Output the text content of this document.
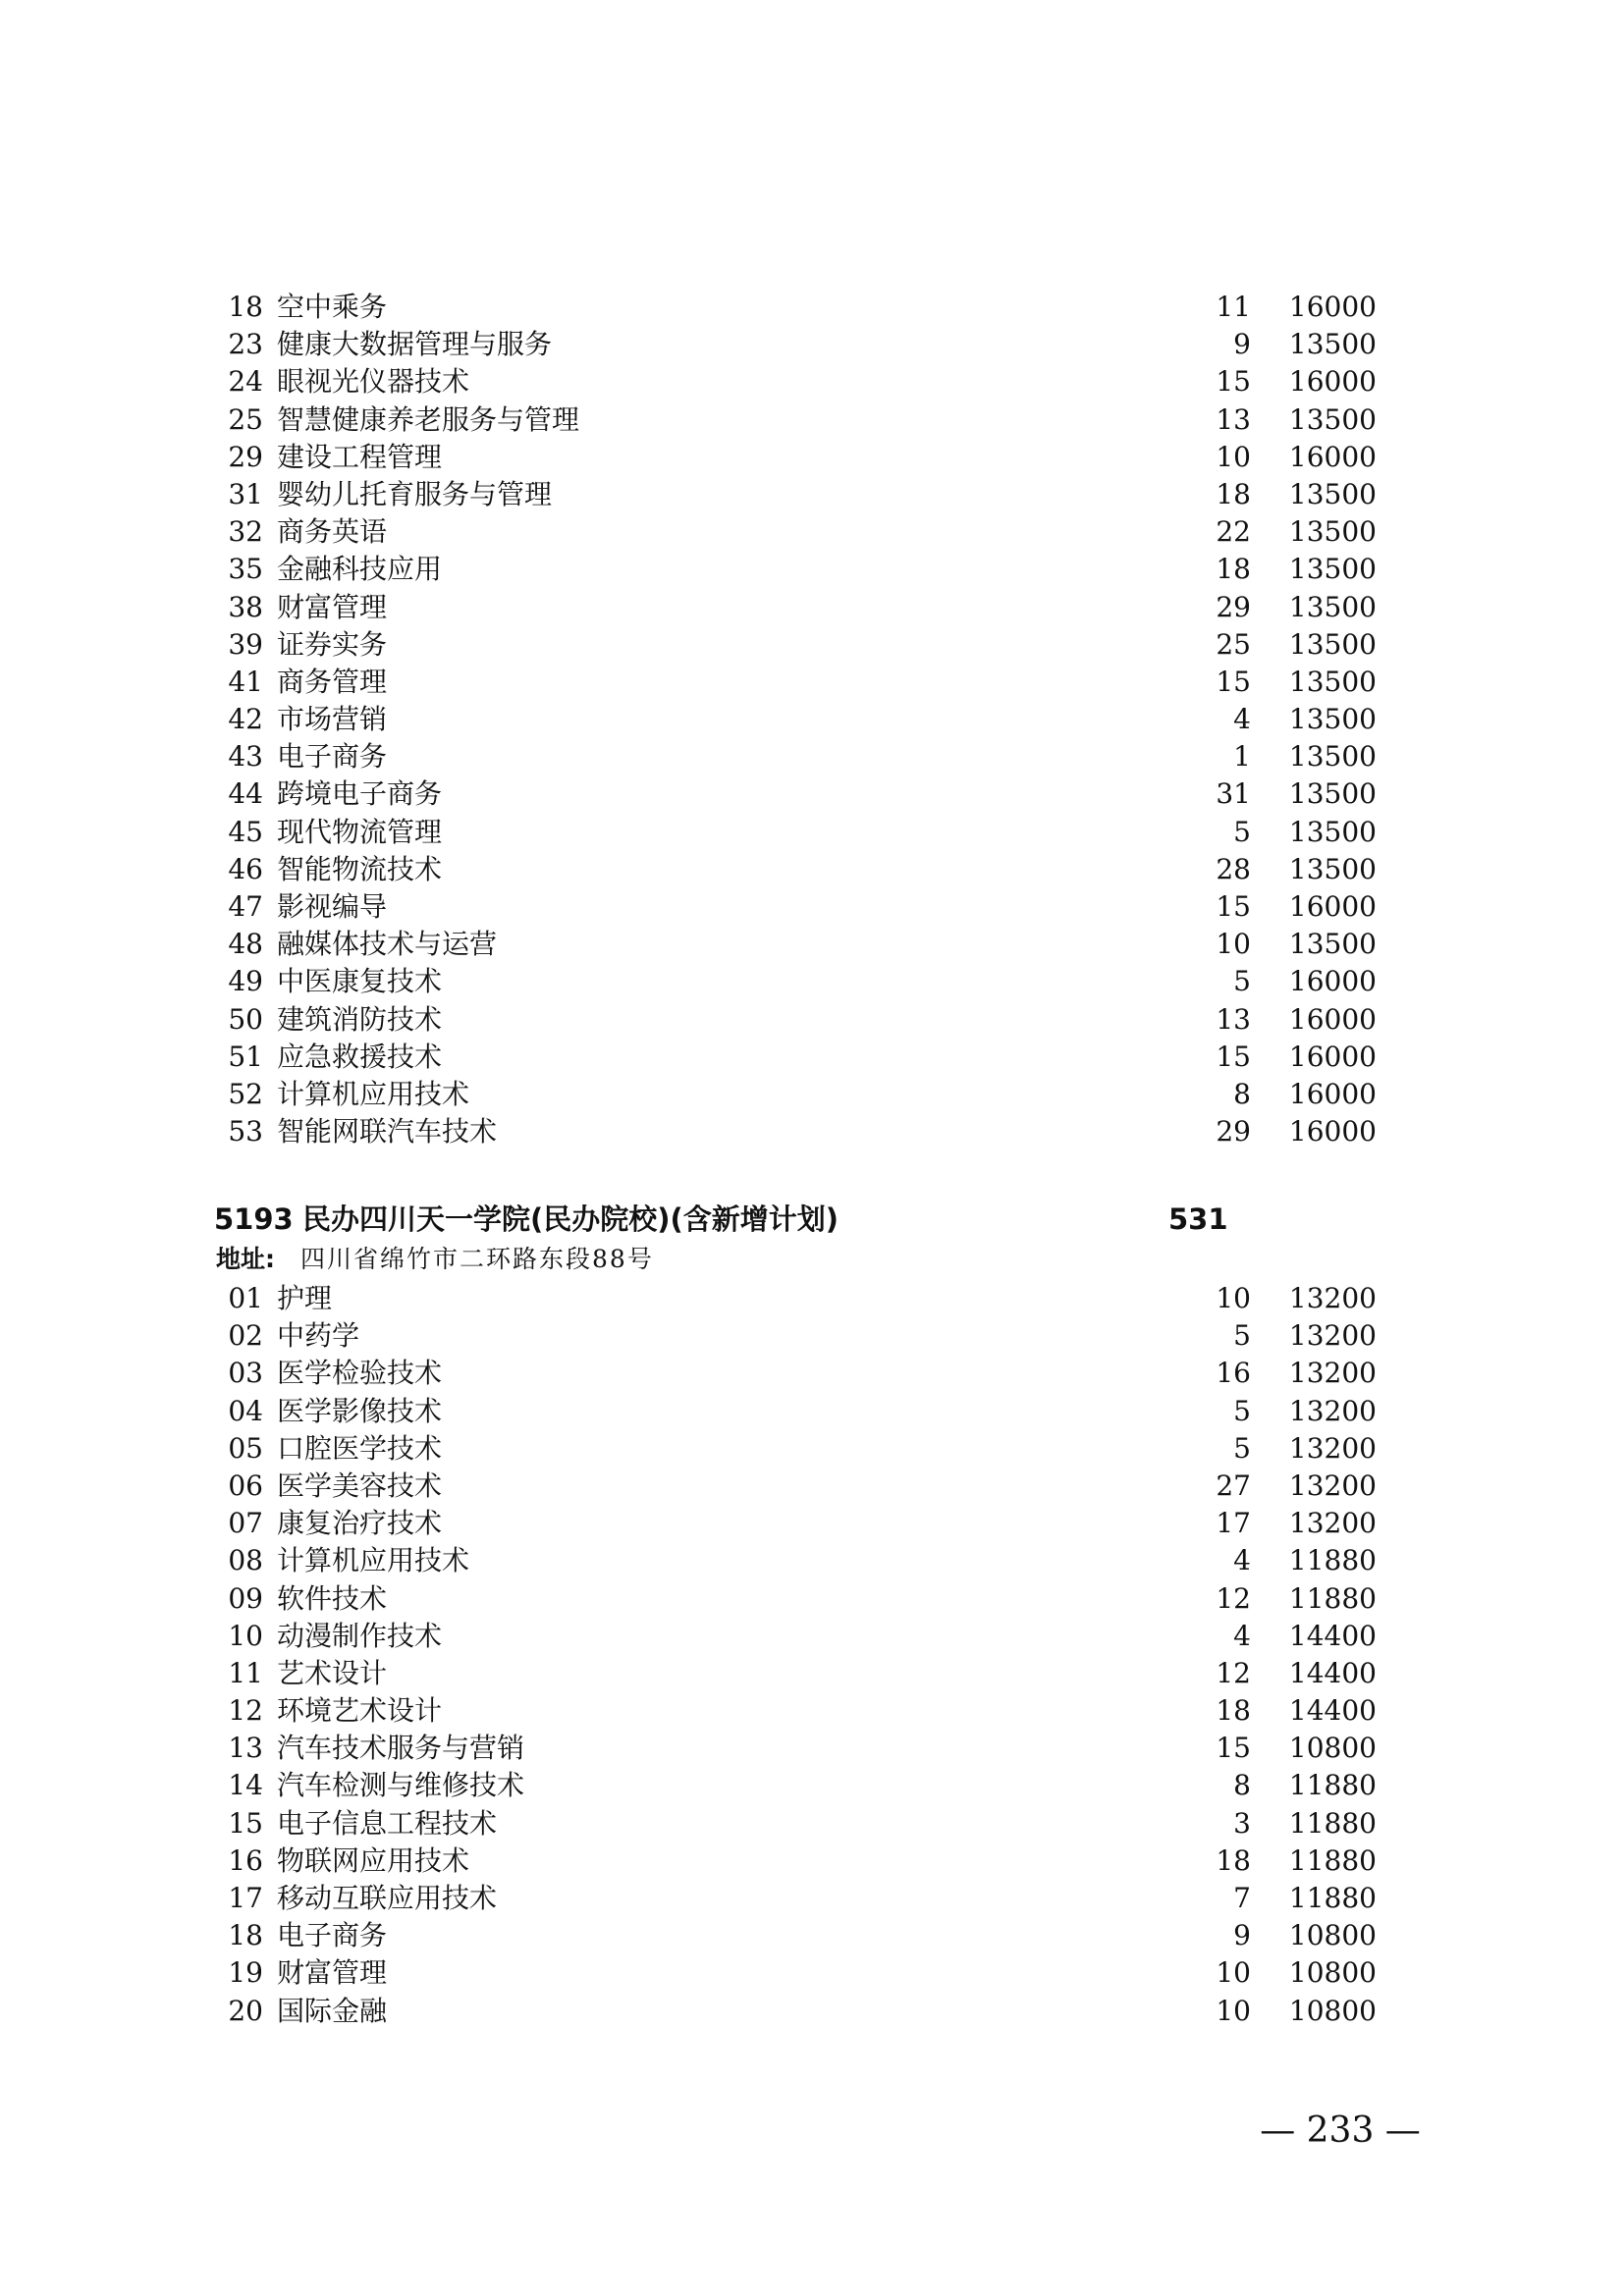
18 空中乘务	11	16000
23 健康大数据管理与服务	9	13500
24 眼视光仪器技术	15	16000
25 智慧健康养老服务与管理	13	13500
29 建设工程管理	10	16000
31 婴幼儿托育服务与管理	18	13500
32 商务英语	22	13500
35 金融科技应用	18	13500
38 财富管理	29	13500
39 证券实务	25	13500
41 商务管理	15	13500
42 市场营销	4	13500
43 电子商务	1	13500
44 跨境电子商务	31	13500
45 现代物流管理	5	13500
46 智能物流技术	28	13500
47 影视编导	15	16000
48 融媒体技术与运营	10	13500
49 中医康复技术	5	16000
50 建筑消防技术	13	16000
51 应急救援技术	15	16000
52 计算机应用技术	8	16000
53 智能网联汽车技术	29	16000
5193 民办四川天一学院(民办院校)(含新增计划)	531
地址: 四川省绵竹市二环路东段88号
01 护理	10	13200
02 中药学	5	13200
03 医学检验技术	16	13200
04 医学影像技术	5	13200
05 口腔医学技术	5	13200
06 医学美容技术	27	13200
07 康复治疗技术	17	13200
08 计算机应用技术	4	11880
09 软件技术	12	11880
10 动漫制作技术	4	14400
11 艺术设计	12	14400
12 环境艺术设计	18	14400
13 汽车技术服务与营销	15	10800
14 汽车检测与维修技术	8	11880
15 电子信息工程技术	3	11880
16 物联网应用技术	18	11880
17 移动互联应用技术	7	11880
18 电子商务	9	10800
19 财富管理	10	10800
20 国际金融	10	10800
— 233 —
